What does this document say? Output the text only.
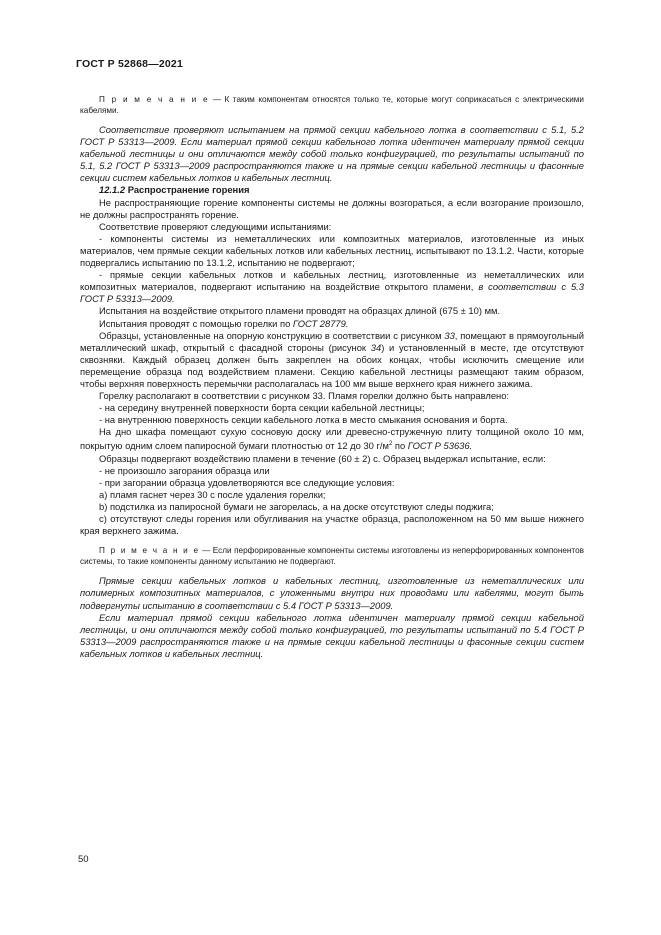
ГОСТ Р 52868—2021

П р и м е ч а н и е — К таким компонентам относятся только те, которые могут соприкасаться с электрическими кабелями.

Соответствие проверяют испытанием на прямой секции кабельного лотка в соответствии с 5.1, 5.2 ГОСТ Р 53313—2009. Если материал прямой секции кабельного лотка идентичен материалу прямой секции кабельной лестницы и они отличаются между собой только конфигурацией, то результаты испытаний по 5.1, 5.2 ГОСТ Р 53313—2009 распространяются также и на прямые секции кабельной лестницы и фасонные секции систем кабельных лотков и кабельных лестниц.

12.1.2 Распространение горения

Не распространяющие горение компоненты системы не должны возгораться, а если возгорание произошло, не должны распространять горение.

Соответствие проверяют следующими испытаниями:

- компоненты системы из неметаллических или композитных материалов, изготовленные из иных материалов, чем прямые секции кабельных лотков или кабельных лестниц, испытывают по 13.1.2. Части, которые подвергались испытанию по 13.1.2, испытанию не подвергают;

- прямые секции кабельных лотков и кабельных лестниц, изготовленные из неметаллических или композитных материалов, подвергают испытанию на воздействие открытого пламени, в соответствии с 5.3 ГОСТ Р 53313—2009.

Испытания на воздействие открытого пламени проводят на образцах длиной (675 ± 10) мм.

Испытания проводят с помощью горелки по ГОСТ 28779.

Образцы, установленные на опорную конструкцию в соответствии с рисунком 33, помещают в прямоугольный металлический шкаф, открытый с фасадной стороны (рисунок 34) и установленный в месте, где отсутствуют сквозняки. Каждый образец должен быть закреплен на обоих концах, чтобы исключить смещение или перемещение образца под воздействием пламени. Секцию кабельной лестницы размещают таким образом, чтобы верхняя поверхность перемычки располагалась на 100 мм выше верхнего края нижнего зажима.

Горелку располагают в соответствии с рисунком 33. Пламя горелки должно быть направлено:

- на середину внутренней поверхности борта секции кабельной лестницы;

- на внутреннюю поверхность секции кабельного лотка в место смыкания основания и борта.

На дно шкафа помещают сухую сосновую доску или древесно-стружечную плиту толщиной около 10 мм, покрытую одним слоем папиросной бумаги плотностью от 12 до 30 $г/м^2$ по ГОСТ Р 53636.

Образцы подвергают воздействию пламени в течение (60 ± 2) с. Образец выдержал испытание, если:

- не произошло загорания образца или

- при загорании образца удовлетворяются все следующие условия:

а) пламя гаснет через 30 с после удаления горелки;

b) подстилка из папиросной бумаги не загорелась, а на доске отсутствуют следы поджига;

с) отсутствуют следы горения или обугливания на участке образца, расположенном на 50 мм выше нижнего края верхнего зажима.

П р и м е ч а н и е — Если перфорированные компоненты системы изготовлены из неперфорированных компонентов системы, то такие компоненты данному испытанию не подвергают.

Прямые секции кабельных лотков и кабельных лестниц, изготовленные из неметаллических или полимерных композитных материалов, с уложенными внутри них проводами или кабелями, могут быть подвергнуты испытанию в соответствии с 5.4 ГОСТ Р 53313—2009.

Если материал прямой секции кабельного лотка идентичен материалу прямой секции кабельной лестницы, и они отличаются между собой только конфигурацией, то результаты испытаний по 5.4 ГОСТ Р 53313—2009 распространяются также и на прямые секции кабельной лестницы и фасонные секции систем кабельных лотков и кабельных лестниц.

50
